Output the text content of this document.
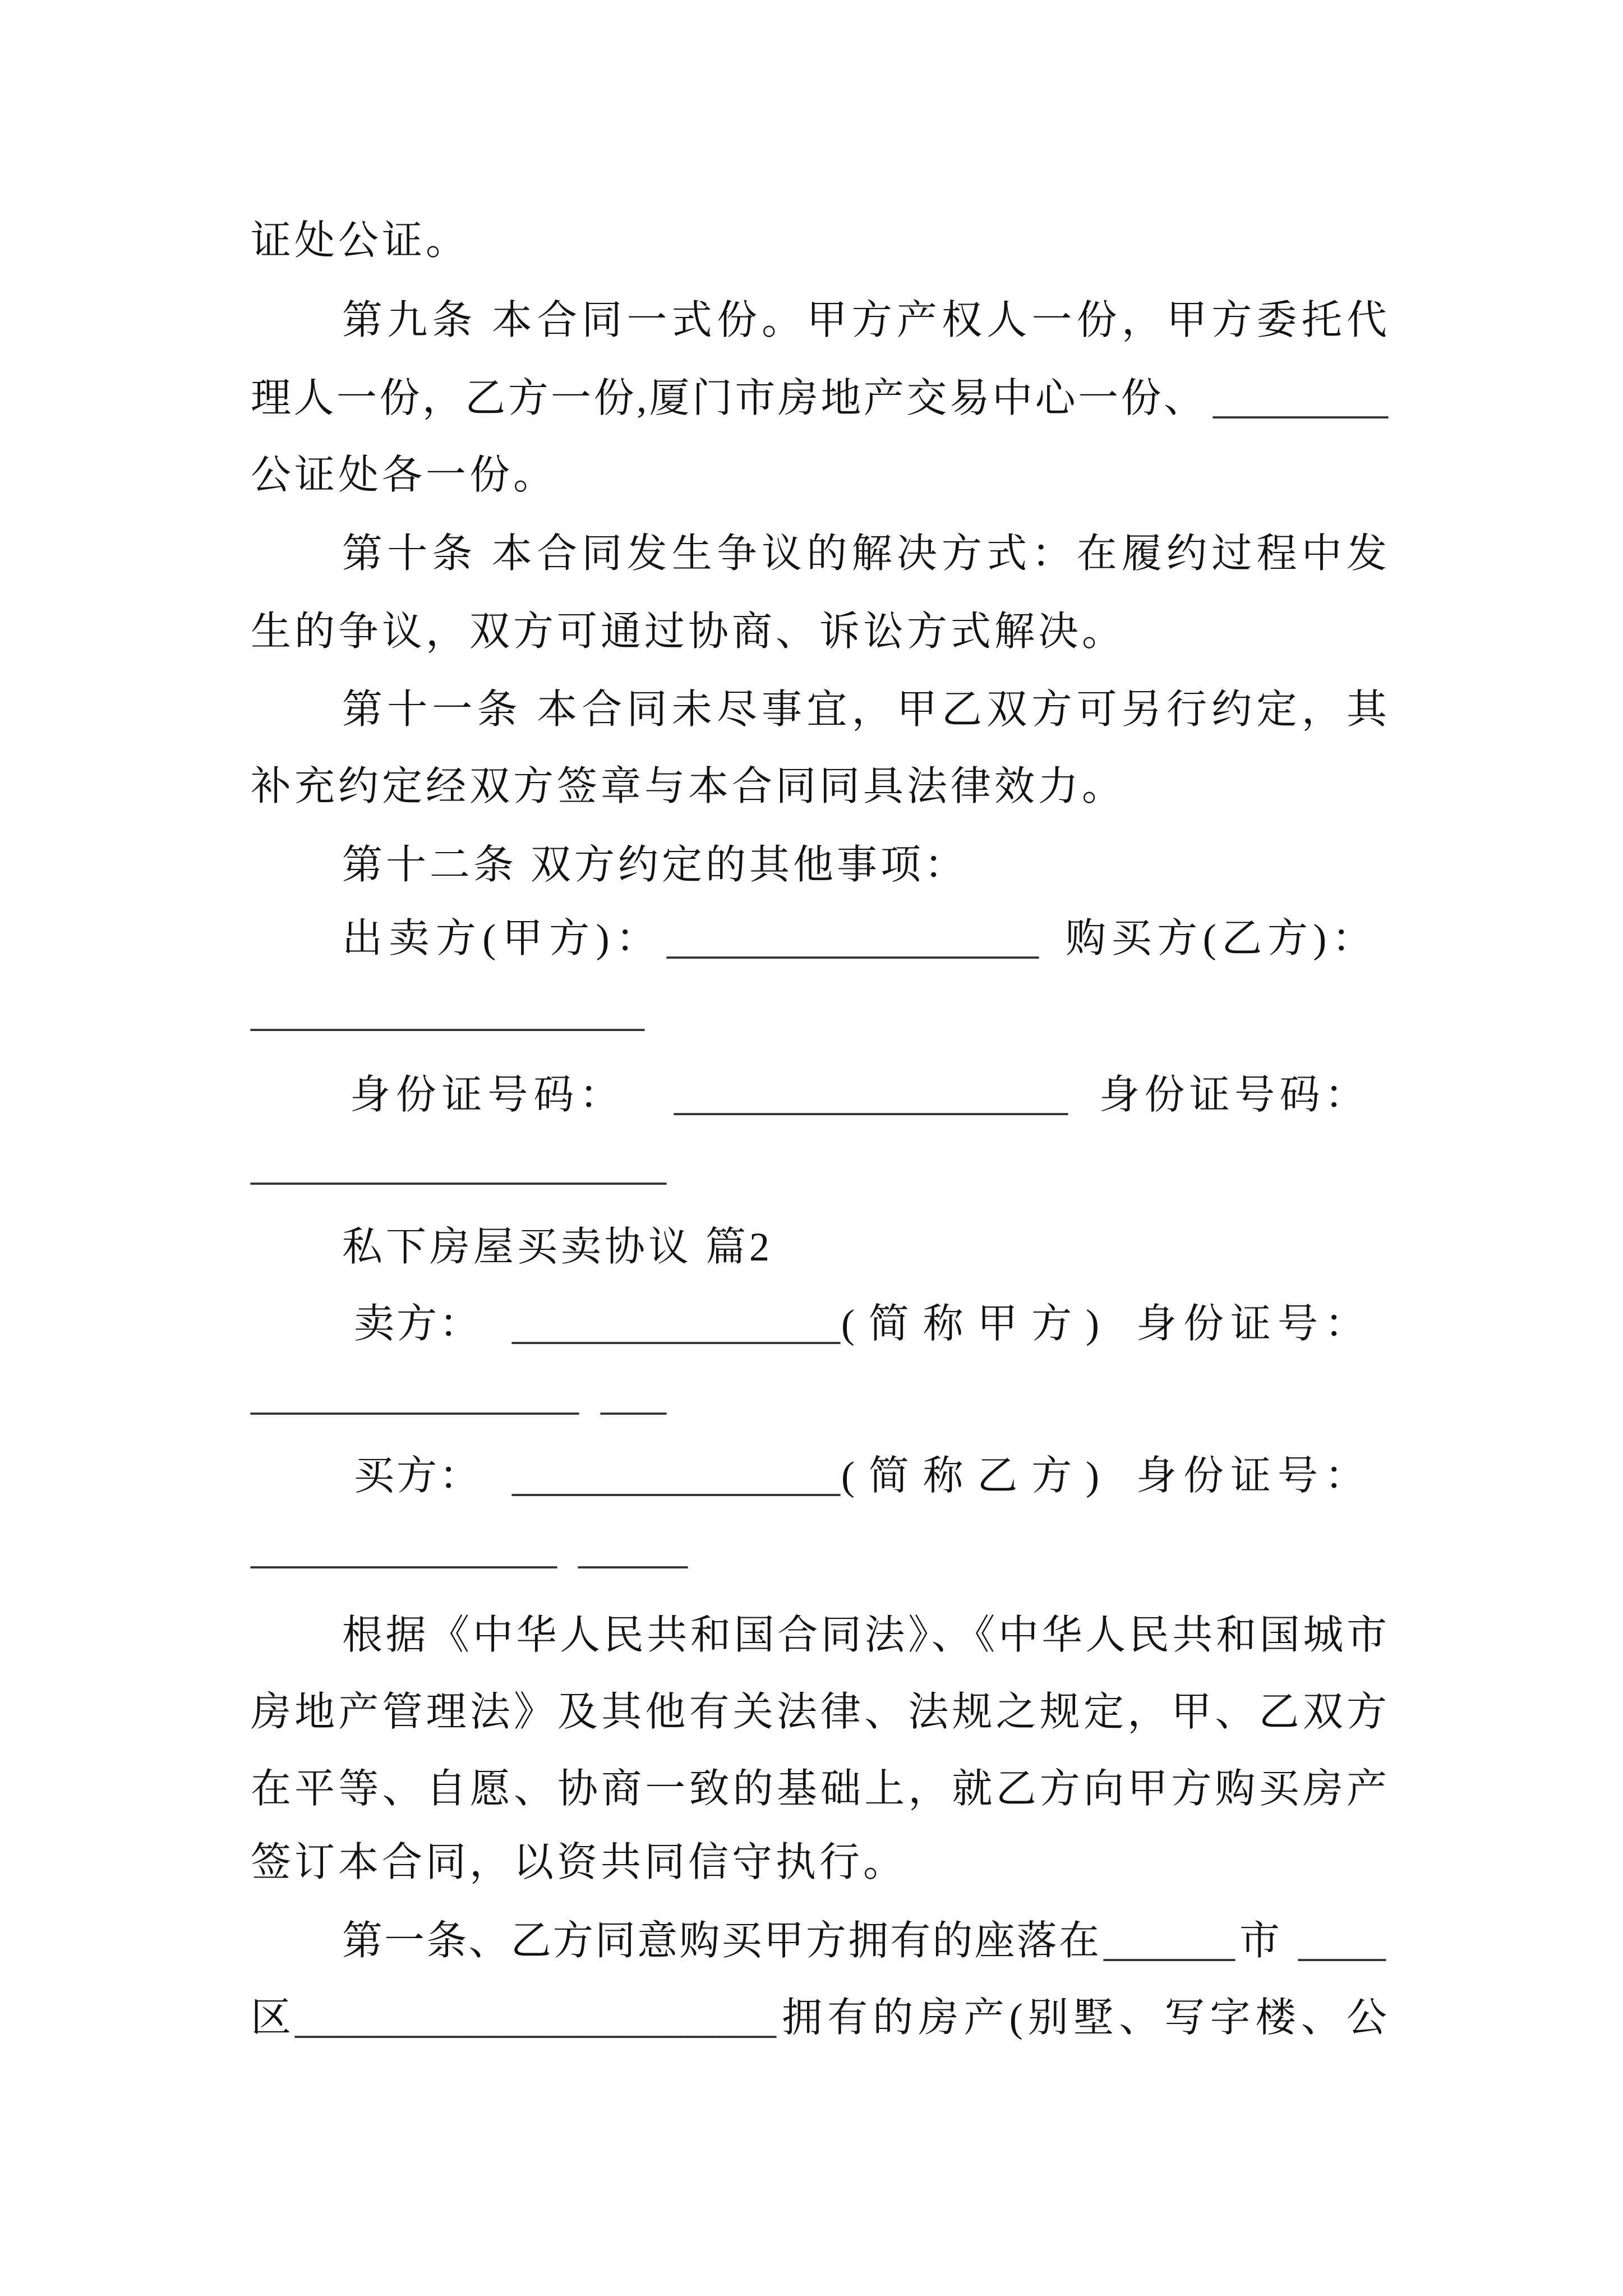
证处公证。
第九条 本合同一式份。甲方产权人一份，甲方委托代
理人一份，乙方一份,厦门市房地产交易中心一份、 ________
公证处各一份。
第十条 本合同发生争议的解决方式：在履约过程中发
生的争议，双方可通过协商、诉讼方式解决。
第十一条 本合同未尽事宜，甲乙双方可另行约定，其
补充约定经双方签章与本合同同具法律效力。
第十二条 双方约定的其他事项：
出卖方(甲方)： _________________ 购买方(乙方)：
__________________
身份证号码： __________________ 身份证号码：
___________________
私下房屋买卖协议 篇2
卖方： _______________ (简称甲方) 身份证号：
_______________ ___
买方： _______________ (简称乙方) 身份证号：
______________ _____
根据《中华人民共和国合同法》、《中华人民共和国城市
房地产管理法》及其他有关法律、法规之规定，甲、乙双方
在平等、自愿、协商一致的基础上，就乙方向甲方购买房产
签订本合同，以资共同信守执行。
第一条、乙方同意购买甲方拥有的座落在 ______ 市 ____
区 ______________________ 拥有的房产(别墅、写字楼、公
